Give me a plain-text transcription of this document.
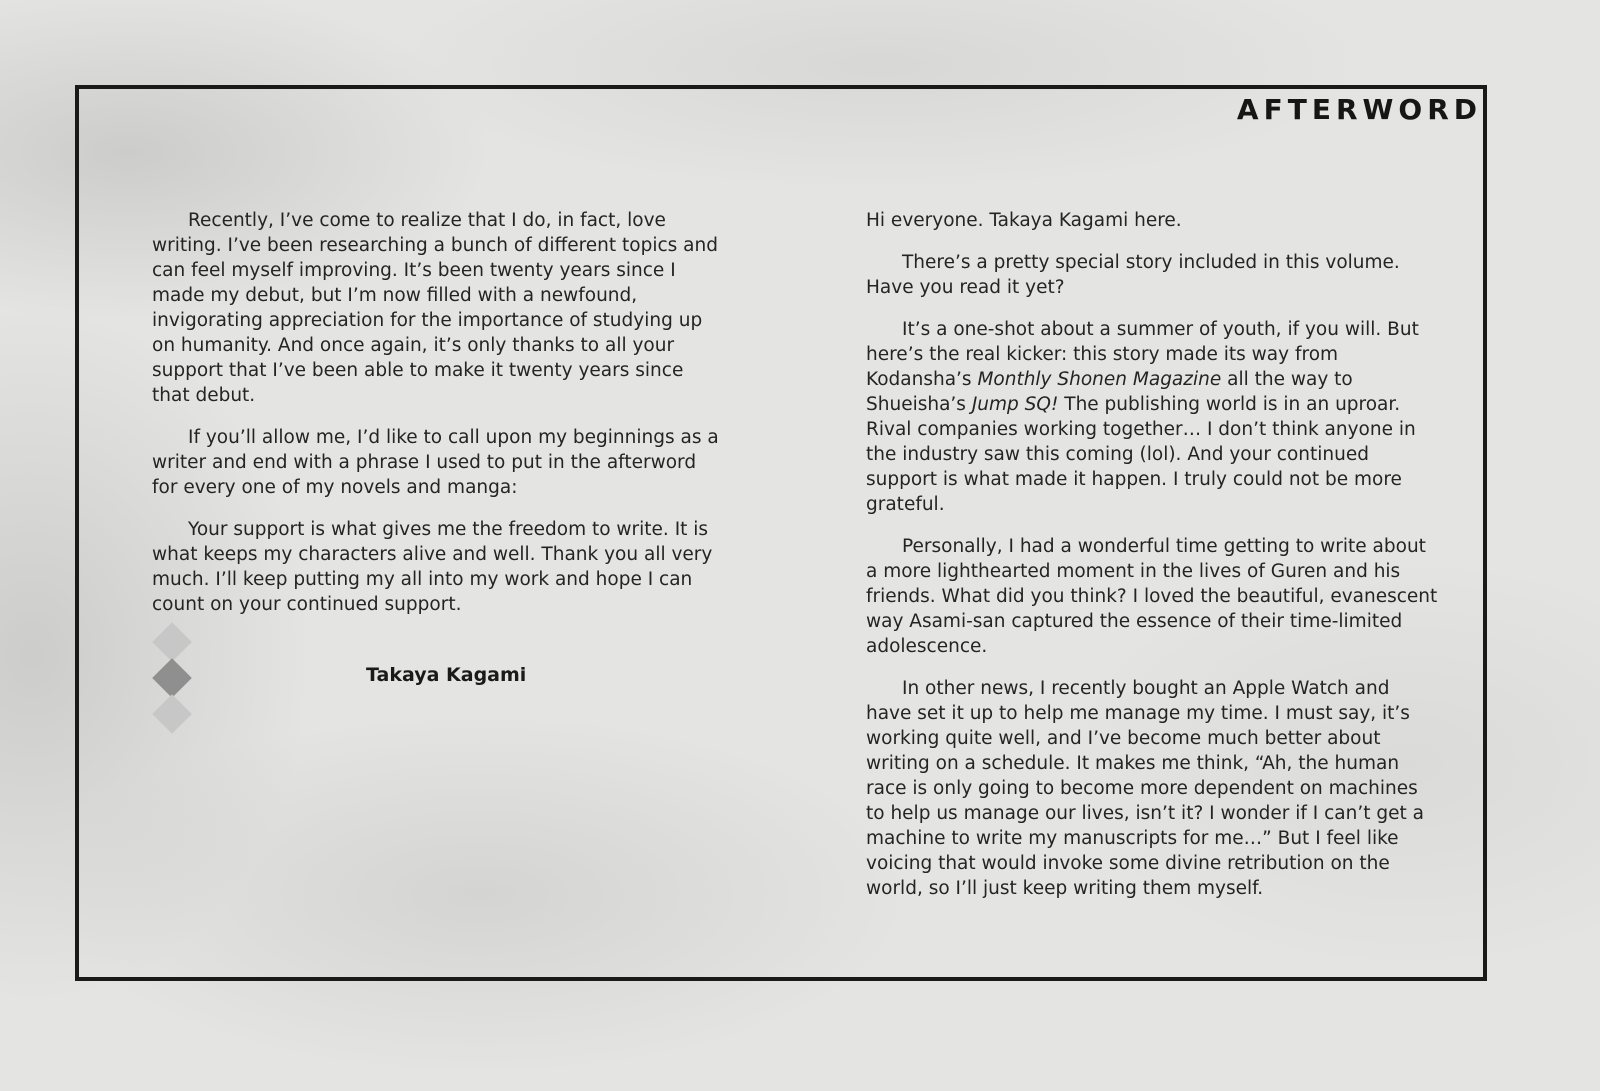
AFTERWORD

Recently, I’ve come to realize that I do, in fact, love writing. I’ve been researching a bunch of different topics and can feel myself improving. It’s been twenty years since I made my debut, but I’m now filled with a newfound, invigorating appreciation for the importance of studying up on humanity. And once again, it’s only thanks to all your support that I’ve been able to make it twenty years since that debut.

If you’ll allow me, I’d like to call upon my beginnings as a writer and end with a phrase I used to put in the afterword for every one of my novels and manga:

Your support is what gives me the freedom to write. It is what keeps my characters alive and well. Thank you all very much. I’ll keep putting my all into my work and hope I can count on your continued support.

Takaya Kagami

Hi everyone. Takaya Kagami here.

There’s a pretty special story included in this volume. Have you read it yet?

It’s a one-shot about a summer of youth, if you will. But here’s the real kicker: this story made its way from Kodansha’s Monthly Shonen Magazine all the way to Shueisha’s Jump SQ! The publishing world is in an uproar. Rival companies working together… I don’t think anyone in the industry saw this coming (lol). And your continued support is what made it happen. I truly could not be more grateful.

Personally, I had a wonderful time getting to write about a more lighthearted moment in the lives of Guren and his friends. What did you think? I loved the beautiful, evanescent way Asami-san captured the essence of their time-limited adolescence.

In other news, I recently bought an Apple Watch and have set it up to help me manage my time. I must say, it’s working quite well, and I’ve become much better about writing on a schedule. It makes me think, “Ah, the human race is only going to become more dependent on machines to help us manage our lives, isn’t it? I wonder if I can’t get a machine to write my manuscripts for me…” But I feel like voicing that would invoke some divine retribution on the world, so I’ll just keep writing them myself.
